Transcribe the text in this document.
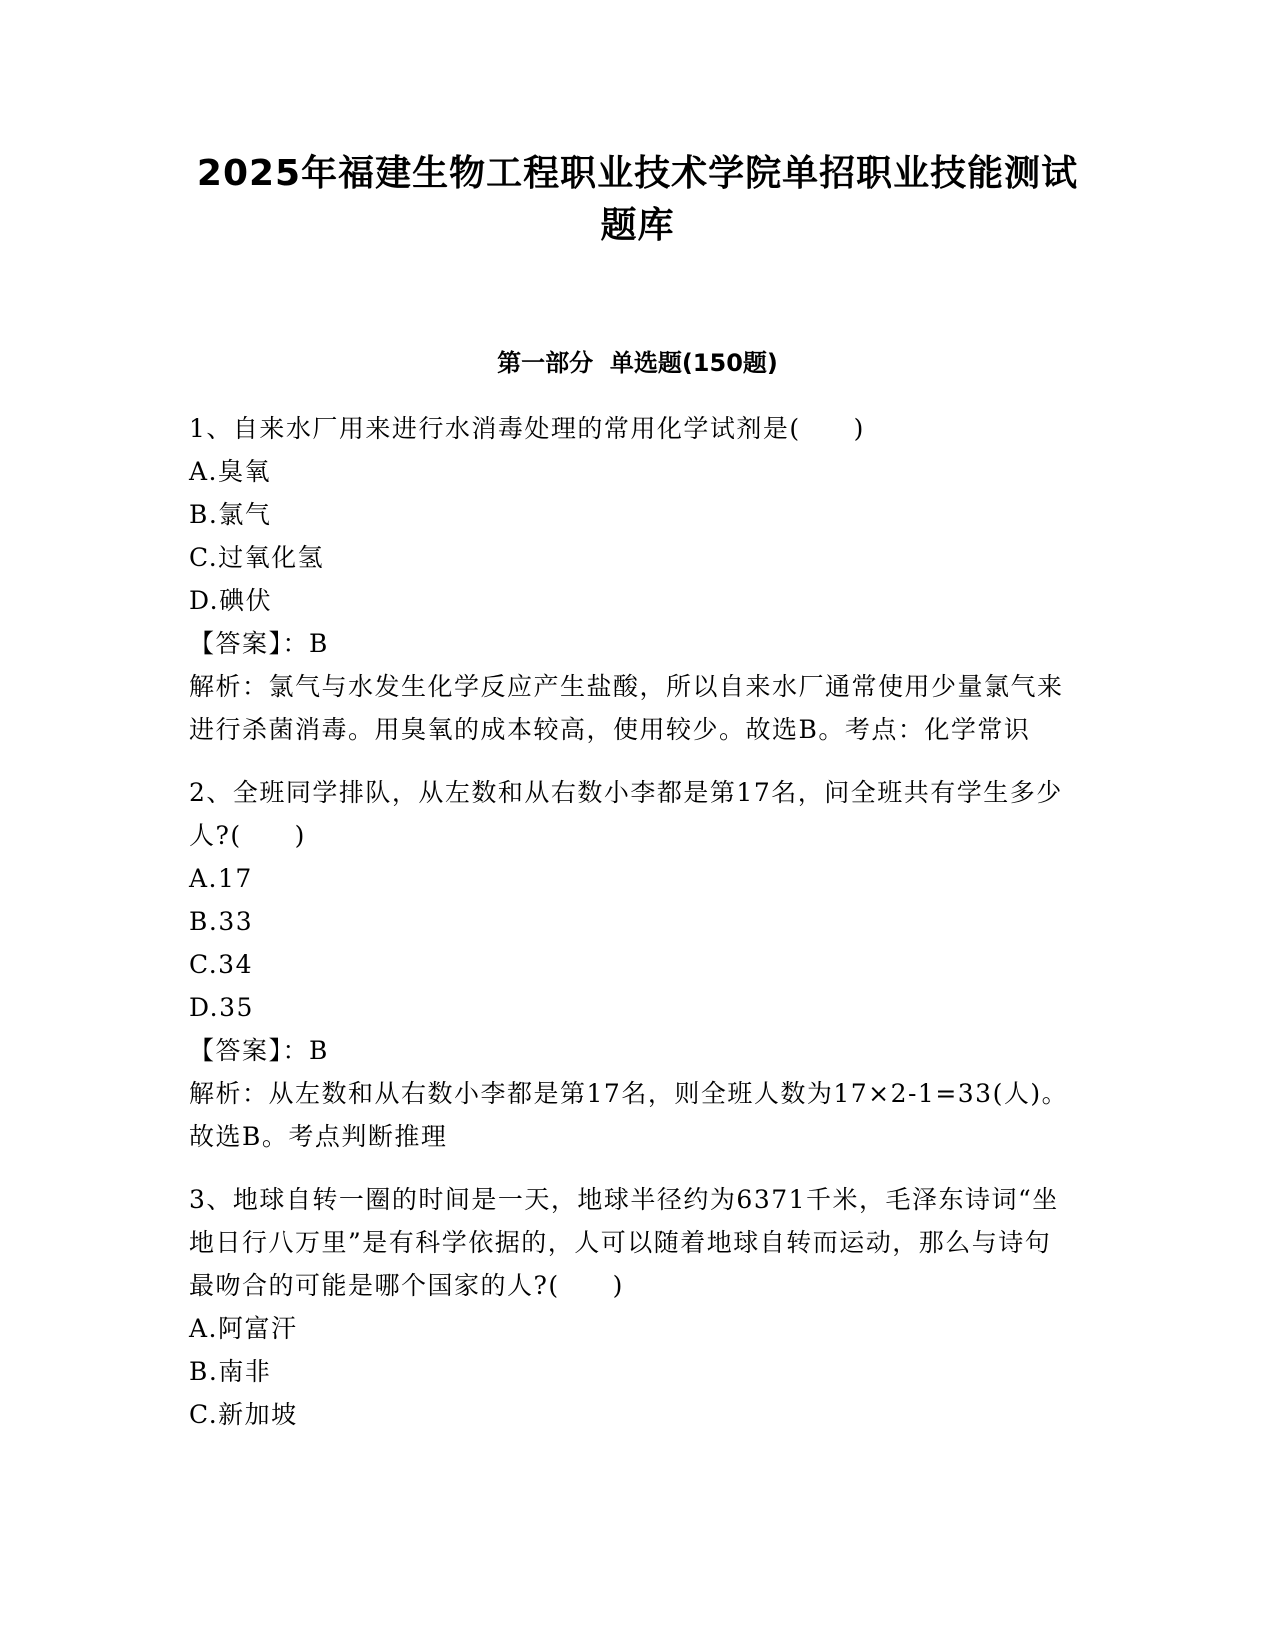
2025年福建生物工程职业技术学院单招职业技能测试题库
第一部分  单选题(150题)
1、自来水厂用来进行水消毒处理的常用化学试剂是(　　)
A.臭氧
B.氯气
C.过氧化氢
D.碘伏
【答案】：B
解析：氯气与水发生化学反应产生盐酸，所以自来水厂通常使用少量氯气来进行杀菌消毒。用臭氧的成本较高，使用较少。故选B。考点：化学常识
2、全班同学排队，从左数和从右数小李都是第17名，问全班共有学生多少人?(　　)
A.17
B.33
C.34
D.35
【答案】：B
解析：从左数和从右数小李都是第17名，则全班人数为17×2-1=33(人)。故选B。考点判断推理
3、地球自转一圈的时间是一天，地球半径约为6371千米，毛泽东诗词“坐地日行八万里”是有科学依据的，人可以随着地球自转而运动，那么与诗句最吻合的可能是哪个国家的人?(　　)
A.阿富汗
B.南非
C.新加坡
